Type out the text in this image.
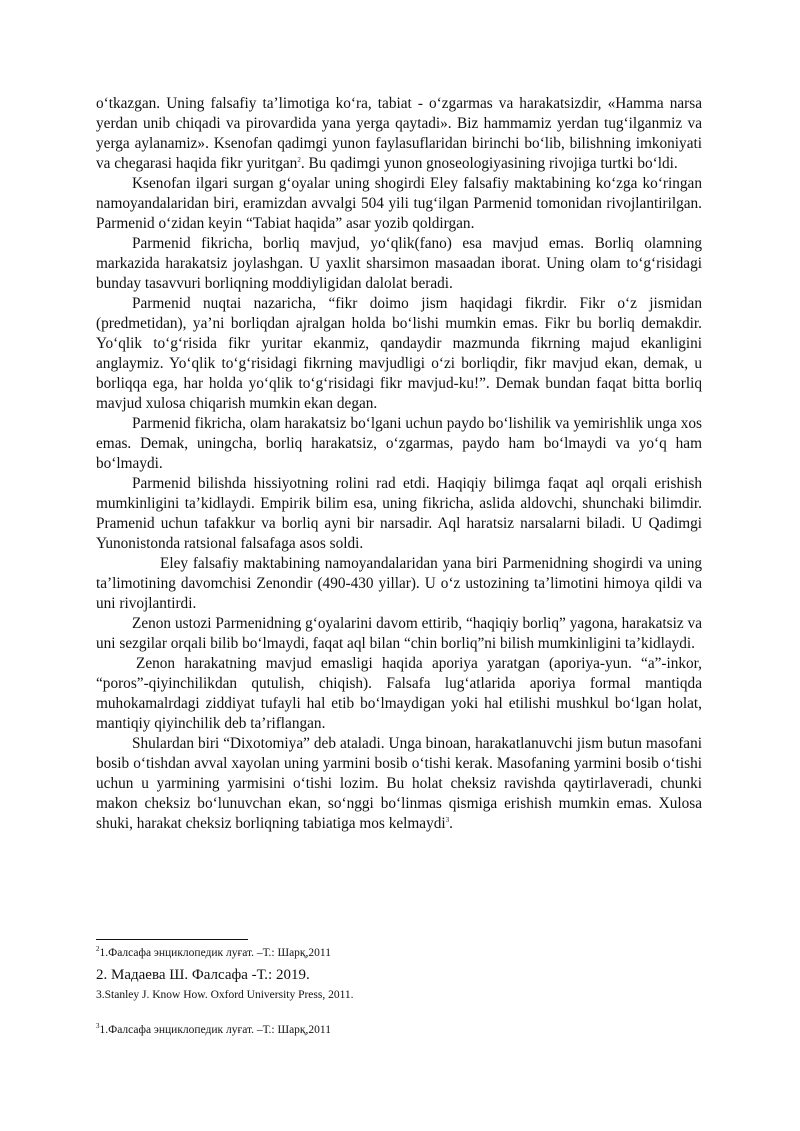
o‘tkazgan. Uning falsafiy ta’limotiga ko‘ra, tabiat - o‘zgarmas va harakatsizdir, «Hamma narsa yerdan unib chiqadi va pirovardida yana yerga qaytadi». Biz hammamiz yerdan tug‘ilganmiz va yerga aylanamiz». Ksenofan qadimgi yunon faylasuflaridan birinchi bo‘lib, bilishning imkoniyati va chegarasi haqida fikr yuritgan$^2$. Bu qadimgi yunon gnoseologiyasining rivojiga turtki bo‘ldi.

Ksenofan ilgari surgan g‘oyalar uning shogirdi Eley falsafiy maktabining ko‘zga ko‘ringan namoyandalaridan biri, eramizdan avvalgi 504 yili tug‘ilgan Parmenid tomonidan rivojlantirilgan. Parmenid o‘zidan keyin “Tabiat haqida” asar yozib qoldirgan.

Parmenid fikricha, borliq mavjud, yo‘qlik(fano) esa mavjud emas. Borliq olamning markazida harakatsiz joylashgan. U yaxlit sharsimon masaadan iborat. Uning olam to‘g‘risidagi bunday tasavvuri borliqning moddiyligidan dalolat beradi.

Parmenid nuqtai nazaricha, “fikr doimo jism haqidagi fikrdir. Fikr o‘z jismidan (predmetidan), ya’ni borliqdan ajralgan holda bo‘lishi mumkin emas. Fikr bu borliq demakdir. Yo‘qlik to‘g‘risida fikr yuritar ekanmiz, qandaydir mazmunda fikrning majud ekanligini anglaymiz. Yo‘qlik to‘g‘risidagi fikrning mavjudligi o‘zi borliqdir, fikr mavjud ekan, demak, u borliqqa ega, har holda yo‘qlik to‘g‘risidagi fikr mavjud-ku!”. Demak bundan faqat bitta borliq mavjud xulosa chiqarish mumkin ekan degan.

Parmenid fikricha, olam harakatsiz bo‘lgani uchun paydo bo‘lishilik va yemirishlik unga xos emas. Demak, uningcha, borliq harakatsiz, o‘zgarmas, paydo ham bo‘lmaydi va yo‘q ham bo‘lmaydi.

Parmenid bilishda hissiyotning rolini rad etdi. Haqiqiy bilimga faqat aql orqali erishish mumkinligini ta’kidlaydi. Empirik bilim esa, uning fikricha, aslida aldovchi, shunchaki bilimdir. Pramenid uchun tafakkur va borliq ayni bir narsadir. Aql haratsiz narsalarni biladi. U Qadimgi Yunonistonda ratsional falsafaga asos soldi.

Eley falsafiy maktabining namoyandalaridan yana biri Parmenidning shogirdi va uning ta’limotining davomchisi Zenondir (490-430 yillar). U o‘z ustozining ta’limotini himoya qildi va uni rivojlantirdi.

Zenon ustozi Parmenidning g‘oyalarini davom ettirib, “haqiqiy borliq” yagona, harakatsiz va uni sezgilar orqali bilib bo‘lmaydi, faqat aql bilan “chin borliq”ni bilish mumkinligini ta’kidlaydi.

Zenon harakatning mavjud emasligi haqida aporiya yaratgan (aporiya-yun. “a”-inkor, “poros”-qiyinchilikdan qutulish, chiqish). Falsafa lug‘atlarida aporiya formal mantiqda muhokamalrdagi ziddiyat tufayli hal etib bo‘lmaydigan yoki hal etilishi mushkul bo‘lgan holat, mantiqiy qiyinchilik deb ta’riflangan.

Shulardan biri “Dixotomiya” deb ataladi. Unga binoan, harakatlanuvchi jism butun masofani bosib o‘tishdan avval xayolan uning yarmini bosib o‘tishi kerak. Masofaning yarmini bosib o‘tishi uchun u yarmining yarmisini o‘tishi lozim. Bu holat cheksiz ravishda qaytirlaveradi, chunki makon cheksiz bo‘lunuvchan ekan, so‘nggi bo‘linmas qismiga erishish mumkin emas. Xulosa shuki, harakat cheksiz borliqning tabiatiga mos kelmaydi$^3$.

$^2$1.Фалсафа энциклопедик луғат. –Т.: Шарқ,2011

2. Мадаева Ш. Фалсафа -Т.: 2019.

3.Stanley J. Know How. Oxford University Press, 2011.

$^3$1.Фалсафа энциклопедик луғат. –Т.: Шарқ,2011
